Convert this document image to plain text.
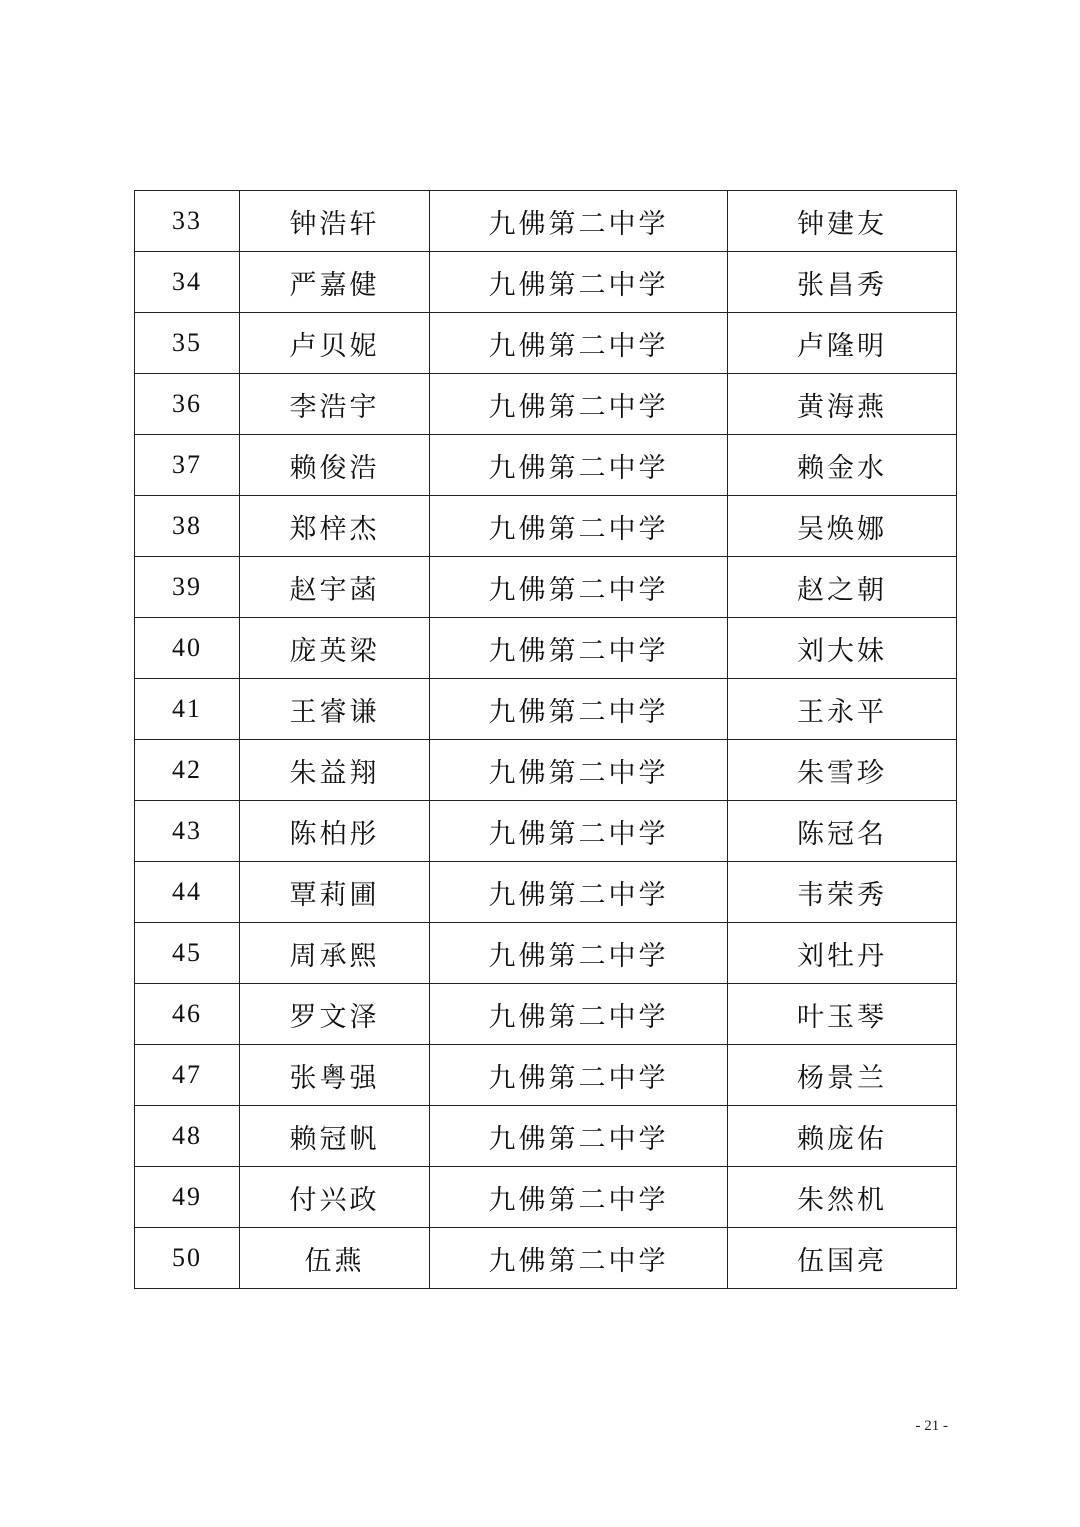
33	钟浩轩	九佛第二中学	钟建友
34	严嘉健	九佛第二中学	张昌秀
35	卢贝妮	九佛第二中学	卢隆明
36	李浩宇	九佛第二中学	黄海燕
37	赖俊浩	九佛第二中学	赖金水
38	郑梓杰	九佛第二中学	吴焕娜
39	赵宇菡	九佛第二中学	赵之朝
40	庞英梁	九佛第二中学	刘大妹
41	王睿谦	九佛第二中学	王永平
42	朱益翔	九佛第二中学	朱雪珍
43	陈柏彤	九佛第二中学	陈冠名
44	覃莉圃	九佛第二中学	韦荣秀
45	周承熙	九佛第二中学	刘牡丹
46	罗文泽	九佛第二中学	叶玉琴
47	张粤强	九佛第二中学	杨景兰
48	赖冠帆	九佛第二中学	赖庞佑
49	付兴政	九佛第二中学	朱然机
50	伍燕	九佛第二中学	伍国亮
- 21 -
